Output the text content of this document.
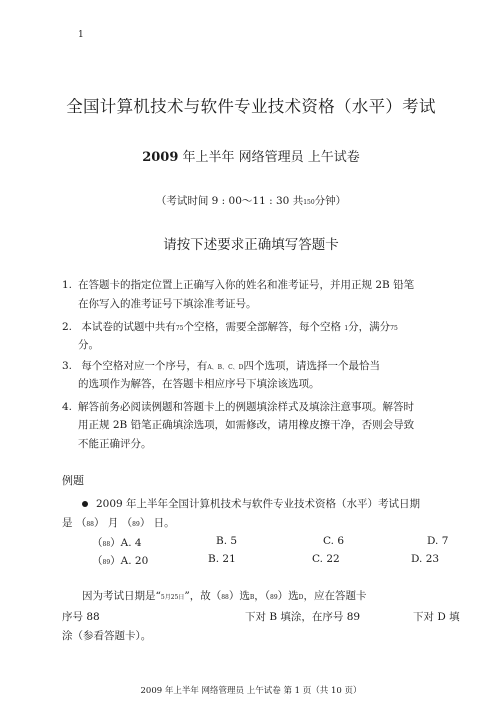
1
全国计算机技术与软件专业技术资格（水平）考试
2009 年上半年 网络管理员 上午试卷
（考试时间 9 : 00～11 : 30 共150分钟）
请按下述要求正确填写答题卡
1. 在答题卡的指定位置上正确写入你的姓名和准考证号，并用正规 2B 铅笔
在你写入的准考证号下填涂准考证号。
2. 本试卷的试题中共有75个空格，需要全部解答，每个空格 1分，满分75
分。
3. 每个空格对应一个序号，有A、B、C、D四个选项，请选择一个最恰当
的选项作为解答，在答题卡相应序号下填涂该选项。
4. 解答前务必阅读例题和答题卡上的例题填涂样式及填涂注意事项。解答时
用正规 2B 铅笔正确填涂选项，如需修改，请用橡皮擦干净，否则会导致
不能正确评分。
例题
2009 年上半年全国计算机技术与软件专业技术资格（水平）考试日期
是 （88） 月 （89） 日。
（88）A. 4	B. 5	C. 6	D. 7
（89）A. 20	B. 21	C. 22	D. 23
因为考试日期是“5月25日”，故（88）选B，（89）选D，应在答题卡
序号 88	下对 B 填涂，在序号 89	下对 D 填
涂（参看答题卡）。
2009 年上半年 网络管理员 上午试卷 第 1 页（共 10 页）
